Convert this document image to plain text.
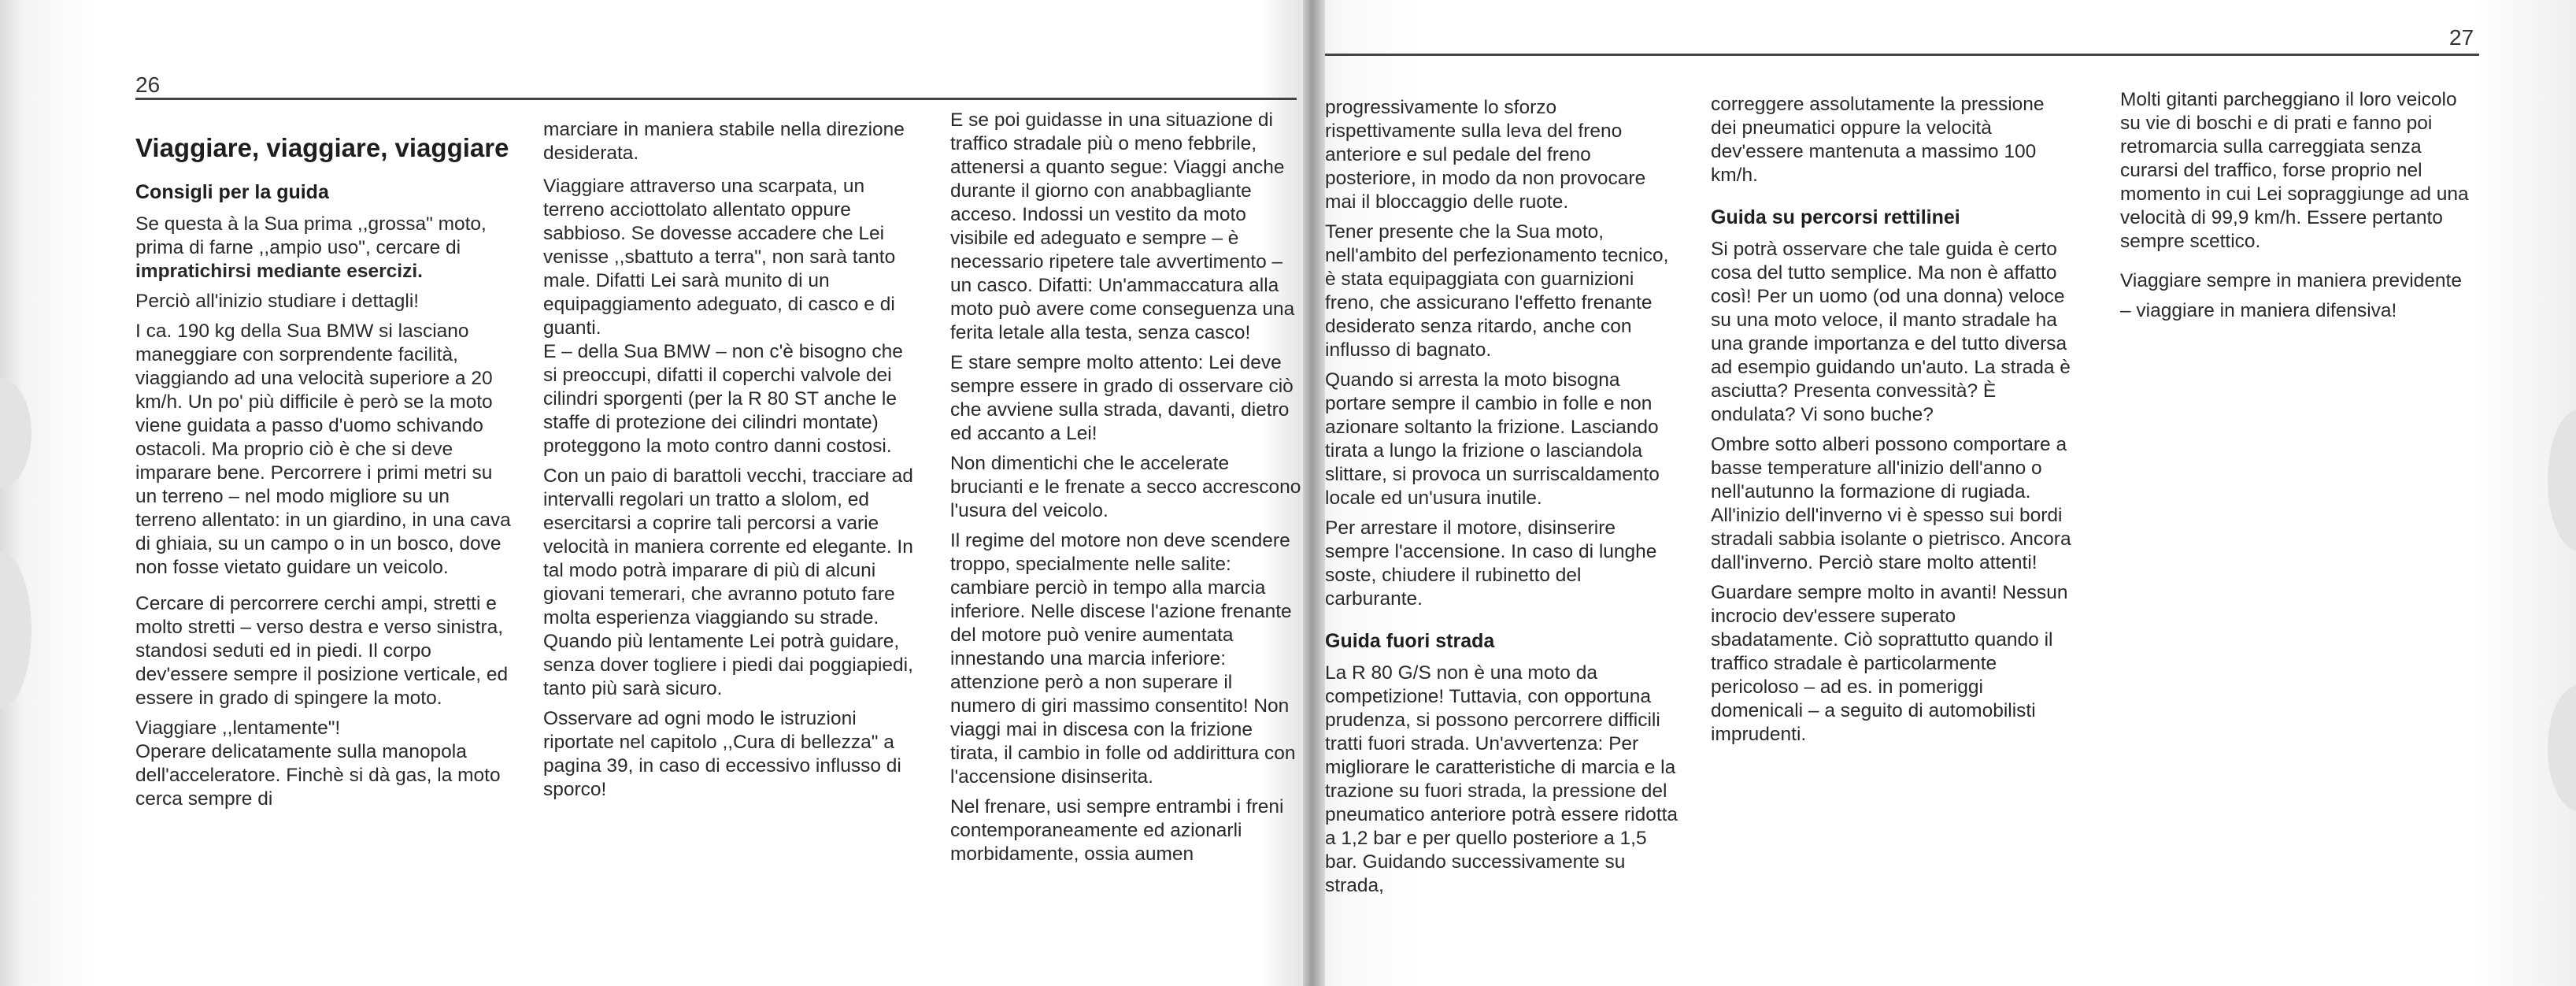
26
Viaggiare, viaggiare, viaggiare
Consigli per la guida

Se questa à la Sua prima ,,grossa" moto, prima di farne ,,ampio uso", cercare di impratichirsi mediante esercizi.

Perciò all'inizio studiare i dettagli!

I ca. 190 kg della Sua BMW si lasciano maneggiare con sorprendente facilità, viaggiando ad una velocità superiore a 20 km/h. Un po' più difficile è però se la moto viene guidata a passo d'uomo schivando ostacoli. Ma proprio ciò è che si deve imparare bene. Percorrere i primi metri su un terreno – nel modo migliore su un terreno allentato: in un giardino, in una cava di ghiaia, su un campo o in un bosco, dove non fosse vietato guidare un veicolo.

Cercare di percorrere cerchi ampi, stretti e molto stretti – verso destra e verso sinistra, standosi seduti ed in piedi. Il corpo dev'essere sempre il posizione verticale, ed essere in grado di spingere la moto.

Viaggiare ,,lentamente"!

Operare delicatamente sulla manopola dell'acceleratore. Finchè si dà gas, la moto cerca sempre di

marciare in maniera stabile nella direzione desiderata.

Viaggiare attraverso una scarpata, un terreno acciottolato allentato oppure sabbioso. Se dovesse accadere che Lei venisse ,,sbattuto a terra", non sarà tanto male. Difatti Lei sarà munito di un equipaggiamento adeguato, di casco e di guanti.

E – della Sua BMW – non c'è bisogno che si preoccupi, difatti il coperchi valvole dei cilindri sporgenti (per la R 80 ST anche le staffe di protezione dei cilindri montate) proteggono la moto contro danni costosi.

Con un paio di barattoli vecchi, tracciare ad intervalli regolari un tratto a slolom, ed esercitarsi a coprire tali percorsi a varie velocità in maniera corrente ed elegante. In tal modo potrà imparare di più di alcuni giovani temerari, che avranno potuto fare molta esperienza viaggiando su strade. Quando più lentamente Lei potrà guidare, senza dover togliere i piedi dai poggiapiedi, tanto più sarà sicuro.

Osservare ad ogni modo le istruzioni riportate nel capitolo ,,Cura di bellezza" a pagina 39, in caso di eccessivo influsso di sporco!

E se poi guidasse in una situazione di traffico stradale più o meno febbrile, attenersi a quanto segue: Viaggi anche durante il giorno con anabbagliante acceso. Indossi un vestito da moto visibile ed adeguato e sempre – è necessario ripetere tale avvertimento – un casco. Difatti: Un'ammaccatura alla moto può avere come conseguenza una ferita letale alla testa, senza casco!

E stare sempre molto attento: Lei deve sempre essere in grado di osservare ciò che avviene sulla strada, davanti, dietro ed accanto a Lei!

Non dimentichi che le accelerate brucianti e le frenate a secco accrescono l'usura del veicolo.

Il regime del motore non deve scendere troppo, specialmente nelle salite: cambiare perciò in tempo alla marcia inferiore. Nelle discese l'azione frenante del motore può venire aumentata innestando una marcia inferiore: attenzione però a non superare il numero di giri massimo consentito! Non viaggi mai in discesa con la frizione tirata, il cambio in folle od addirittura con l'accensione disinserita.

Nel frenare, usi sempre entrambi i freni contemporaneamente ed azionarli morbidamente, ossia aumen

27

progressivamente lo sforzo rispettivamente sulla leva del freno anteriore e sul pedale del freno posteriore, in modo da non provocare mai il bloccaggio delle ruote.

Tener presente che la Sua moto, nell'ambito del perfezionamento tecnico, è stata equipaggiata con guarnizioni freno, che assicurano l'effetto frenante desiderato senza ritardo, anche con influsso di bagnato.

Quando si arresta la moto bisogna portare sempre il cambio in folle e non azionare soltanto la frizione. Lasciando tirata a lungo la frizione o lasciandola slittare, si provoca un surriscaldamento locale ed un'usura inutile.

Per arrestare il motore, disinserire sempre l'accensione. In caso di lunghe soste, chiudere il rubinetto del carburante.

Guida fuori strada

La R 80 G/S non è una moto da competizione! Tuttavia, con opportuna prudenza, si possono percorrere difficili tratti fuori strada. Un'avvertenza: Per migliorare le caratteristiche di marcia e la trazione su fuori strada, la pressione del pneumatico anteriore potrà essere ridotta a 1,2 bar e per quello posteriore a 1,5 bar. Guidando successivamente su strada,

correggere assolutamente la pressione dei pneumatici oppure la velocità dev'essere mantenuta a massimo 100 km/h.

Guida su percorsi rettilinei

Si potrà osservare che tale guida è certo cosa del tutto semplice. Ma non è affatto così! Per un uomo (od una donna) veloce su una moto veloce, il manto stradale ha una grande importanza e del tutto diversa ad esempio guidando un'auto. La strada è asciutta? Presenta convessità? È ondulata? Vi sono buche?

Ombre sotto alberi possono comportare a basse temperature all'inizio dell'anno o nell'autunno la formazione di rugiada. All'inizio dell'inverno vi è spesso sui bordi stradali sabbia isolante o pietrisco. Ancora dall'inverno. Perciò stare molto attenti!

Guardare sempre molto in avanti! Nessun incrocio dev'essere superato sbadatamente. Ciò soprattutto quando il traffico stradale è particolarmente pericoloso – ad es. in pomeriggi domenicali – a seguito di automobilisti imprudenti.

Molti gitanti parcheggiano il loro veicolo su vie di boschi e di prati e fanno poi retromarcia sulla carreggiata senza curarsi del traffico, forse proprio nel momento in cui Lei sopraggiunge ad una velocità di 99,9 km/h. Essere pertanto sempre scettico.

Viaggiare sempre in maniera previdente

– viaggiare in maniera difensiva!
